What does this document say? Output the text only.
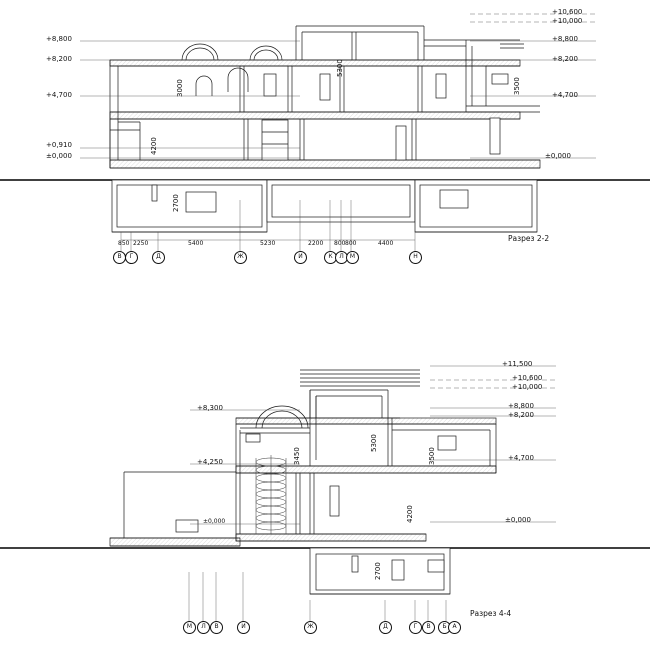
+8,800
+8,200
+4,700
+0,910
±0,000
+10,600
+10,000
+8,800
+8,200
+4,700
±0,000
3000
4200
2700
5300
3500
850 2250	5400	5230	2200 800 800	4400
В	Г	Д	Ж	И	К	Л	М	Н
Разрез 2-2
+8,300
+4,250
±0,000
+11,500
+10,600
+10,000
+8,800
+8,200
+4,700
±0,000
3450
5300
3500
4200
2700
М	Л	В	И	Ж	Д	Г	В	Б А
Разрез 4-4
